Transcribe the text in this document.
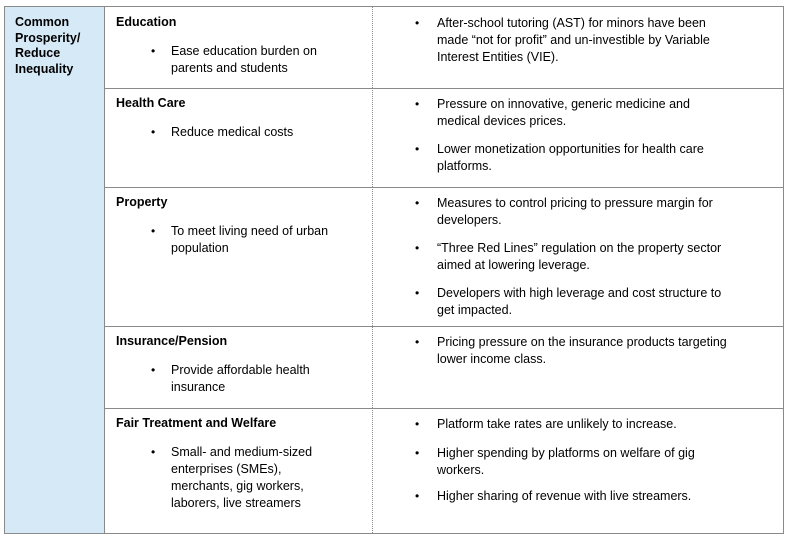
Common
Prosperity/
Reduce
Inequality
Education
• Ease education burden on
parents and students
• After-school tutoring (AST) for minors have been
made “not for profit” and un-investible by Variable
Interest Entities (VIE).
Health Care
• Reduce medical costs
• Pressure on innovative, generic medicine and
medical devices prices.
• Lower monetization opportunities for health care
platforms.
Property
• To meet living need of urban
population
• Measures to control pricing to pressure margin for
developers.
• “Three Red Lines” regulation on the property sector
aimed at lowering leverage.
• Developers with high leverage and cost structure to
get impacted.
Insurance/Pension
• Provide affordable health
insurance
• Pricing pressure on the insurance products targeting
lower income class.
Fair Treatment and Welfare
• Small- and medium-sized
enterprises (SMEs),
merchants, gig workers,
laborers, live streamers
• Platform take rates are unlikely to increase.
• Higher spending by platforms on welfare of gig
workers.
• Higher sharing of revenue with live streamers.
